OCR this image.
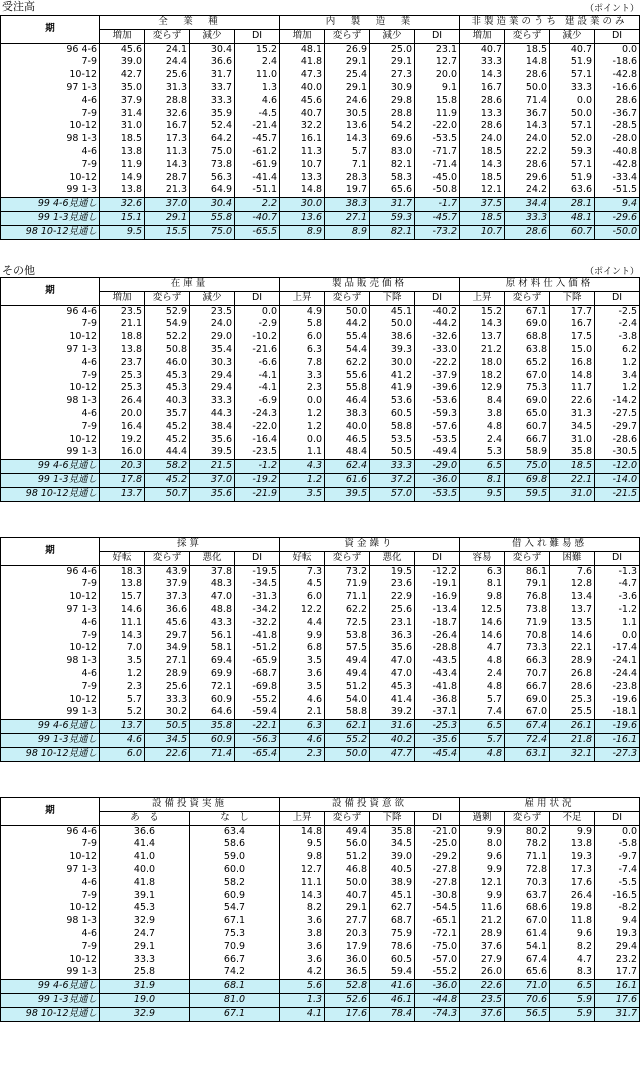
受注高	（ポイント）
期	全　業　種				内　製　造　業				非製造業のうち 建設業のみ			
	増加	変らず	減少	DI	増加	変らず	減少	DI	増加	変らず	減少	DI
96 4-6	45.6	24.1	30.4	15.2	48.1	26.9	25.0	23.1	40.7	18.5	40.7	0.0
7-9	39.0	24.4	36.6	2.4	41.8	29.1	29.1	12.7	33.3	14.8	51.9	-18.6
10-12	42.7	25.6	31.7	11.0	47.3	25.4	27.3	20.0	14.3	28.6	57.1	-42.8
97 1-3	35.0	31.3	33.7	1.3	40.0	29.1	30.9	9.1	16.7	50.0	33.3	-16.6
4-6	37.9	28.8	33.3	4.6	45.6	24.6	29.8	15.8	28.6	71.4	0.0	28.6
7-9	31.4	32.6	35.9	-4.5	40.7	30.5	28.8	11.9	13.3	36.7	50.0	-36.7
10-12	31.0	16.7	52.4	-21.4	32.2	13.6	54.2	-22.0	28.6	14.3	57.1	-28.5
98 1-3	18.5	17.3	64.2	-45.7	16.1	14.3	69.6	-53.5	24.0	24.0	52.0	-28.0
4-6	13.8	11.3	75.0	-61.2	11.3	5.7	83.0	-71.7	18.5	22.2	59.3	-40.8
7-9	11.9	14.3	73.8	-61.9	10.7	7.1	82.1	-71.4	14.3	28.6	57.1	-42.8
10-12	14.9	28.7	56.3	-41.4	13.3	28.3	58.3	-45.0	18.5	29.6	51.9	-33.4
99 1-3	13.8	21.3	64.9	-51.1	14.8	19.7	65.6	-50.8	12.1	24.2	63.6	-51.5
99 4-6見通し	32.6	37.0	30.4	2.2	30.0	38.3	31.7	-1.7	37.5	34.4	28.1	9.4
99 1-3見通し	15.1	29.1	55.8	-40.7	13.6	27.1	59.3	-45.7	18.5	33.3	48.1	-29.6
98 10-12見通し	9.5	15.5	75.0	-65.5	8.9	8.9	82.1	-73.2	10.7	28.6	60.7	-50.0
その他	（ポイント）
期	在庫量				製品販売価格				原材料仕入価格			
	増加	変らず	減少	DI	上昇	変らず	下降	DI	上昇	変らず	下降	DI
96 4-6	23.5	52.9	23.5	0.0	4.9	50.0	45.1	-40.2	15.2	67.1	17.7	-2.5
7-9	21.1	54.9	24.0	-2.9	5.8	44.2	50.0	-44.2	14.3	69.0	16.7	-2.4
10-12	18.8	52.2	29.0	-10.2	6.0	55.4	38.6	-32.6	13.7	68.8	17.5	-3.8
97 1-3	13.8	50.8	35.4	-21.6	6.3	54.4	39.3	-33.0	21.2	63.8	15.0	6.2
4-6	23.7	46.0	30.3	-6.6	7.8	62.2	30.0	-22.2	18.0	65.2	16.8	1.2
7-9	25.3	45.3	29.4	-4.1	3.3	55.6	41.2	-37.9	18.2	67.0	14.8	3.4
10-12	25.3	45.3	29.4	-4.1	2.3	55.8	41.9	-39.6	12.9	75.3	11.7	1.2
98 1-3	26.4	40.3	33.3	-6.9	0.0	46.4	53.6	-53.6	8.4	69.0	22.6	-14.2
4-6	20.0	35.7	44.3	-24.3	1.2	38.3	60.5	-59.3	3.8	65.0	31.3	-27.5
7-9	16.4	45.2	38.4	-22.0	1.2	40.0	58.8	-57.6	4.8	60.7	34.5	-29.7
10-12	19.2	45.2	35.6	-16.4	0.0	46.5	53.5	-53.5	2.4	66.7	31.0	-28.6
99 1-3	16.0	44.4	39.5	-23.5	1.1	48.4	50.5	-49.4	5.3	58.9	35.8	-30.5
99 4-6見通し	20.3	58.2	21.5	-1.2	4.3	62.4	33.3	-29.0	6.5	75.0	18.5	-12.0
99 1-3見通し	17.8	45.2	37.0	-19.2	1.2	61.6	37.2	-36.0	8.1	69.8	22.1	-14.0
98 10-12見通し	13.7	50.7	35.6	-21.9	3.5	39.5	57.0	-53.5	9.5	59.5	31.0	-21.5
期	採算				資金繰り				借入れ難易感			
	好転	変らず	悪化	DI	好転	変らず	悪化	DI	容易	変らず	困難	DI
96 4-6	18.3	43.9	37.8	-19.5	7.3	73.2	19.5	-12.2	6.3	86.1	7.6	-1.3
7-9	13.8	37.9	48.3	-34.5	4.5	71.9	23.6	-19.1	8.1	79.1	12.8	-4.7
10-12	15.7	37.3	47.0	-31.3	6.0	71.1	22.9	-16.9	9.8	76.8	13.4	-3.6
97 1-3	14.6	36.6	48.8	-34.2	12.2	62.2	25.6	-13.4	12.5	73.8	13.7	-1.2
4-6	11.1	45.6	43.3	-32.2	4.4	72.5	23.1	-18.7	14.6	71.9	13.5	1.1
7-9	14.3	29.7	56.1	-41.8	9.9	53.8	36.3	-26.4	14.6	70.8	14.6	0.0
10-12	7.0	34.9	58.1	-51.2	6.8	57.5	35.6	-28.8	4.7	73.3	22.1	-17.4
98 1-3	3.5	27.1	69.4	-65.9	3.5	49.4	47.0	-43.5	4.8	66.3	28.9	-24.1
4-6	1.2	28.9	69.9	-68.7	3.6	49.4	47.0	-43.4	2.4	70.7	26.8	-24.4
7-9	2.3	25.6	72.1	-69.8	3.5	51.2	45.3	-41.8	4.8	66.7	28.6	-23.8
10-12	5.7	33.3	60.9	-55.2	4.6	54.0	41.4	-36.8	5.7	69.0	25.3	-19.6
99 1-3	5.2	30.2	64.6	-59.4	2.1	58.8	39.2	-37.1	7.4	67.0	25.5	-18.1
99 4-6見通し	13.7	50.5	35.8	-22.1	6.3	62.1	31.6	-25.3	6.5	67.4	26.1	-19.6
99 1-3見通し	4.6	34.5	60.9	-56.3	4.6	55.2	40.2	-35.6	5.7	72.4	21.8	-16.1
98 10-12見通し	6.0	22.6	71.4	-65.4	2.3	50.0	47.7	-45.4	4.8	63.1	32.1	-27.3
期	設備投資実施		設備投資意欲				雇用状況			
	あ　る	な　し	上昇	変らず	下降	DI	過剰	変らず	不足	DI
96 4-6	36.6	63.4	14.8	49.4	35.8	-21.0	9.9	80.2	9.9	0.0
7-9	41.4	58.6	9.5	56.0	34.5	-25.0	8.0	78.2	13.8	-5.8
10-12	41.0	59.0	9.8	51.2	39.0	-29.2	9.6	71.1	19.3	-9.7
97 1-3	40.0	60.0	12.7	46.8	40.5	-27.8	9.9	72.8	17.3	-7.4
4-6	41.8	58.2	11.1	50.0	38.9	-27.8	12.1	70.3	17.6	-5.5
7-9	39.1	60.9	14.3	40.7	45.1	-30.8	9.9	63.7	26.4	-16.5
10-12	45.3	54.7	8.2	29.1	62.7	-54.5	11.6	68.6	19.8	-8.2
98 1-3	32.9	67.1	3.6	27.7	68.7	-65.1	21.2	67.0	11.8	9.4
4-6	24.7	75.3	3.8	20.3	75.9	-72.1	28.9	61.4	9.6	19.3
7-9	29.1	70.9	3.6	17.9	78.6	-75.0	37.6	54.1	8.2	29.4
10-12	33.3	66.7	3.6	36.0	60.5	-57.0	27.9	67.4	4.7	23.2
99 1-3	25.8	74.2	4.2	36.5	59.4	-55.2	26.0	65.6	8.3	17.7
99 4-6見通し	31.9	68.1	5.6	52.8	41.6	-36.0	22.6	71.0	6.5	16.1
99 1-3見通し	19.0	81.0	1.3	52.6	46.1	-44.8	23.5	70.6	5.9	17.6
98 10-12見通し	32.9	67.1	4.1	17.6	78.4	-74.3	37.6	56.5	5.9	31.7
